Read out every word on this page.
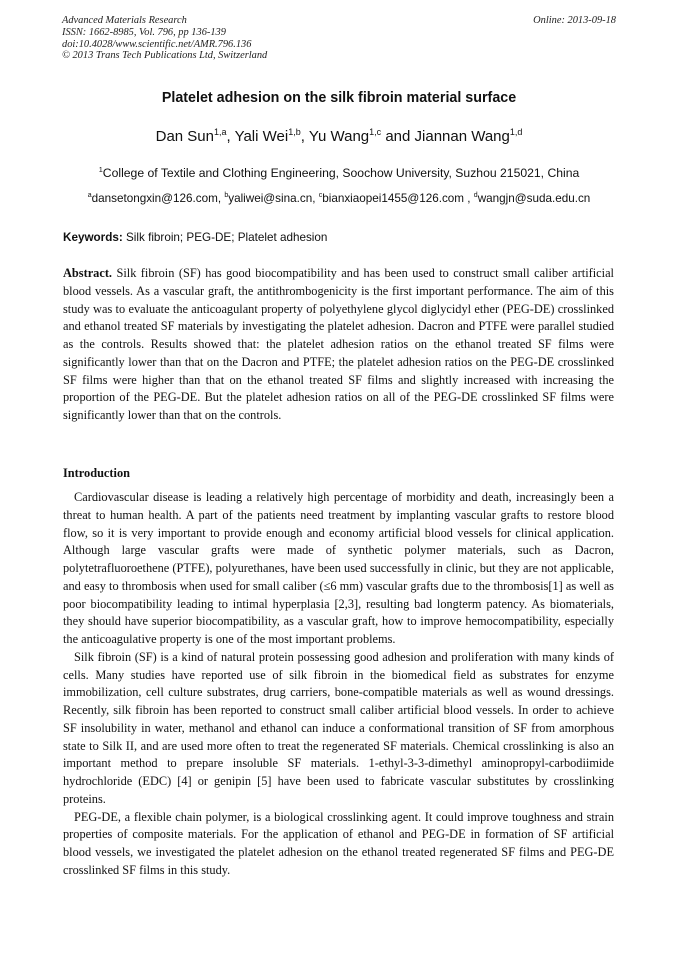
Advanced Materials Research
ISSN: 1662-8985, Vol. 796, pp 136-139
doi:10.4028/www.scientific.net/AMR.796.136
© 2013 Trans Tech Publications Ltd, Switzerland
Online: 2013-09-18
Platelet adhesion on the silk fibroin material surface
Dan Sun$^{1,a}$, Yali Wei$^{1,b}$, Yu Wang$^{1,c}$ and Jiannan Wang$^{1,d}$
$^1$College of Textile and Clothing Engineering, Soochow University, Suzhou 215021, China
$^a$dansetongxin@126.com, $^b$yaliwei@sina.cn, $^c$bianxiaopei1455@126.com , $^d$wangjn@suda.edu.cn
Keywords: Silk fibroin; PEG-DE; Platelet adhesion

Abstract. Silk fibroin (SF) has good biocompatibility and has been used to construct small caliber artificial blood vessels. As a vascular graft, the antithrombogenicity is the first important performance. The aim of this study was to evaluate the anticoagulant property of polyethylene glycol diglycidyl ether (PEG-DE) crosslinked and ethanol treated SF materials by investigating the platelet adhesion. Dacron and PTFE were parallel studied as the controls. Results showed that: the platelet adhesion ratios on the ethanol treated SF films were significantly lower than that on the Dacron and PTFE; the platelet adhesion ratios on the PEG-DE crosslinked SF films were higher than that on the ethanol treated SF films and slightly increased with increasing the proportion of the PEG-DE. But the platelet adhesion ratios on all of the PEG-DE crosslinked SF films were significantly lower than that on the controls.

Introduction

Cardiovascular disease is leading a relatively high percentage of morbidity and death, increasingly been a threat to human health. A part of the patients need treatment by implanting vascular grafts to restore blood flow, so it is very important to provide enough and economy artificial blood vessels for clinical application. Although large vascular grafts were made of synthetic polymer materials, such as Dacron, polytetrafluoroethene (PTFE), polyurethanes, have been used successfully in clinic, but they are not applicable, and easy to thrombosis when used for small caliber (≤6 mm) vascular grafts due to the thrombosis[1] as well as poor biocompatibility leading to intimal hyperplasia [2,3], resulting bad longterm patency. As biomaterials, they should have superior biocompatibility, as a vascular graft, how to improve hemocompatibility, especially the anticoagulative property is one of the most important problems.

Silk fibroin (SF) is a kind of natural protein possessing good adhesion and proliferation with many kinds of cells. Many studies have reported use of silk fibroin in the biomedical field as substrates for enzyme immobilization, cell culture substrates, drug carriers, bone-compatible materials as well as wound dressings. Recently, silk fibroin has been reported to construct small caliber artificial blood vessels. In order to achieve SF insolubility in water, methanol and ethanol can induce a conformational transition of SF from amorphous state to Silk II, and are used more often to treat the regenerated SF materials. Chemical crosslinking is also an important method to prepare insoluble SF materials. 1-ethyl-3-3-dimethyl aminopropyl-carbodiimide hydrochloride (EDC) [4] or genipin [5] have been used to fabricate vascular substitutes by crosslinking proteins.

PEG-DE, a flexible chain polymer, is a biological crosslinking agent. It could improve toughness and strain properties of composite materials. For the application of ethanol and PEG-DE in formation of SF artificial blood vessels, we investigated the platelet adhesion on the ethanol treated regenerated SF films and PEG-DE crosslinked SF films in this study.
